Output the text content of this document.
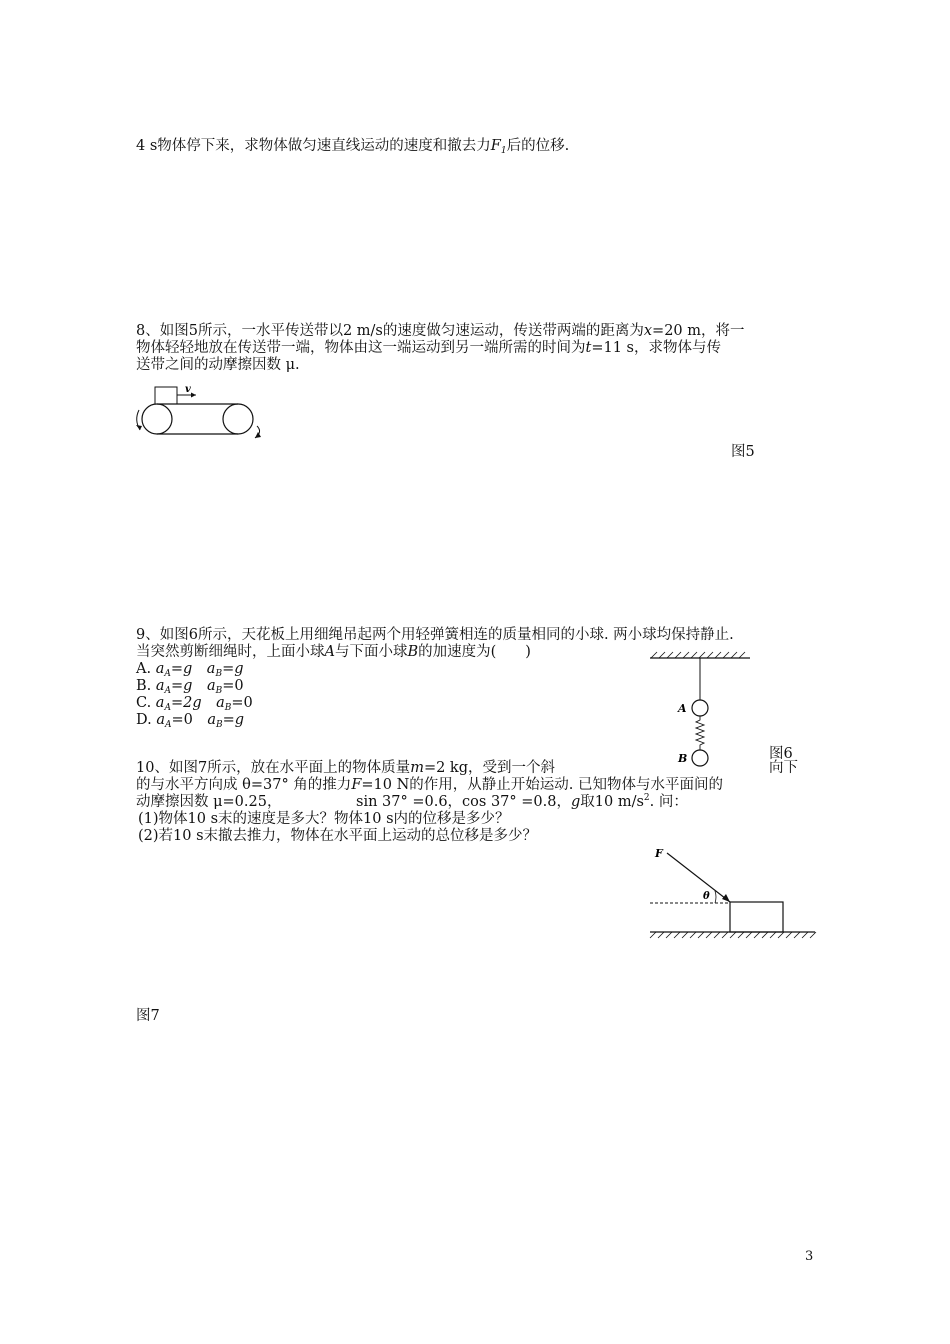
4 s物体停下来，求物体做匀速直线运动的速度和撤去力$F_1$后的位移.
8、如图5所示，一水平传送带以2 m/s的速度做匀速运动，传送带两端的距离为x=20 m，将一
物体轻轻地放在传送带一端，物体由这一端运动到另一端所需的时间为t=11 s，求物体与传
送带之间的动摩擦因数 μ.
v
图5
9、如图6所示，天花板上用细绳吊起两个用轻弹簧相连的质量相同的小球. 两小球均保持静止.
当突然剪断细绳时，上面小球A与下面小球B的加速度为(　　)
A. $a_A=g$　 $a_B=g$
B. $a_A=g$　 $a_B=0$
C. $a_A=2g$　 $a_B=0$
D. $a_A=0$　 $a_B=g$
A
B	图6
10、如图7所示，放在水平面上的物体质量m=2 kg，受到一个斜	向下
的与水平方向成 θ=37° 角的推力F=10 N的作用，从静止开始运动. 已知物体与水平面间的
动摩擦因数 μ=0.25，	sin 37° =0.6，cos 37° =0.8，g取10 $m/s^2$. 问：
(1)物体10 s末的速度是多大？物体10 s内的位移是多少？
(2)若10 s末撤去推力，物体在水平面上运动的总位移是多少？
F
θ
图7
3
